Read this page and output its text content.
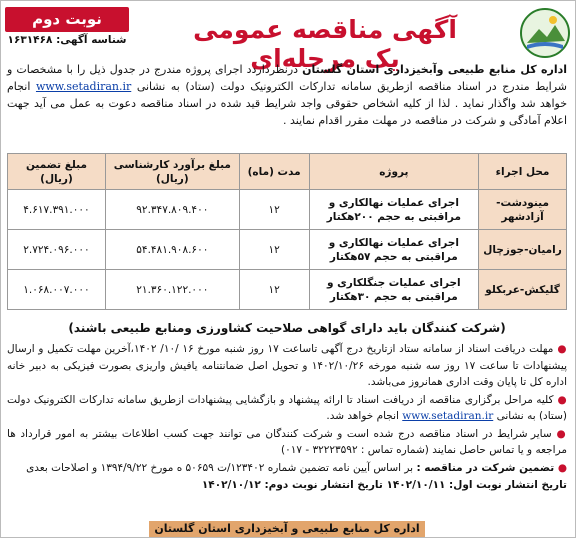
آگهی مناقصه عمومی یک مرحله‌ای
نوبت دوم
شناسه آگهی: ۱۶۳۱۴۶۸
اداره کل منابع طبیعی وآبخیزداری استان گلستان درنظرداردد اجرای پروژه مندرج در جدول ذیل را با مشخصات و شرایط مندرج در اسناد مناقصه ازطریق سامانه تدارکات الکترونیک دولت (ستاد) به نشانی www.setadiran.ir انجام خواهد شد واگذار نماید . لذا از کلیه اشخاص حقوقی واجد شرایط قید شده در اسناد مناقصه دعوت به عمل می آید جهت اعلام آمادگی و شرکت در مناقصه در مهلت مقرر اقدام نمایند .
محل اجراء	پروژه	مدت (ماه)	مبلغ برآورد کارشناسی (ریال)	مبلغ تضمین (ریال)
مینودشت- آزادشهر	اجرای عملیات نهالکاری و مراقبتی به حجم ۲۰۰هکتار	۱۲	۹۲.۳۴۷.۸۰۹.۴۰۰	۴.۶۱۷.۳۹۱.۰۰۰
رامیان-جوزچال	اجرای عملیات نهالکاری و مراقبتی به حجم ۵۷هکتار	۱۲	۵۴.۴۸۱.۹۰۸.۶۰۰	۲.۷۲۴.۰۹۶.۰۰۰
گلیکش-عربکلو	اجرای عملیات جنگلکاری و مراقبتی به حجم ۳۰هکتار	۱۲	۲۱.۳۶۰.۱۲۲.۰۰۰	۱.۰۶۸.۰۰۷.۰۰۰
(شرکت کنندگان باید دارای گواهی صلاحیت کشاورزی ومنابع طبیعی باشند)

● مهلت دریافت اسناد از سامانه ستاد ازتاریخ درج آگهی تاساعت ۱۷ روز شنبه مورخ ۱۶ /۱۰/ ۱۴۰۲،آخرین مهلت تکمیل و ارسال پیشنهادات تا ساعت ۱۷ روز سه شنبه مورخه ۱۴۰۲/۱۰/۲۶ و تحویل اصل ضمانتنامه یافیش واریزی بصورت فیزیکی به دبیر خانه اداره کل تا پایان وقت اداری همانروز می‌باشد.

● کلیه مراحل برگزاری مناقصه از دریافت اسناد تا ارائه پیشنهاد و بازگشایی پیشنهادات ازطریق سامانه تدارکات الکترونیک دولت (ستاد) به نشانی www.setadiran.ir انجام خواهد شد.

● سایر شرایط در اسناد مناقصه درج شده است و شرکت کنندگان می توانند جهت کسب اطلاعات بیشتر به امور قرارداد ها مراجعه و یا تماس حاصل نمایند (شماره تماس : ۳۲۲۲۳۵۹۲ - ۰۱۷)

● تضمین شرکت در مناقصه : بر اساس آیین نامه تضمین شماره ۱۲۳۴۰۲/ت ۵۰۶۵۹ ه مورخ ۱۳۹۴/۹/۲۲ و اصلاحات بعدی

تاریخ انتشار نوبت اول: ۱۴۰۲/۱۰/۱۱ تاریخ انتشار نوبت دوم: ۱۴۰۲/۱۰/۱۲

اداره کل منابع طبیعی و آبخیزداری استان گلستان
